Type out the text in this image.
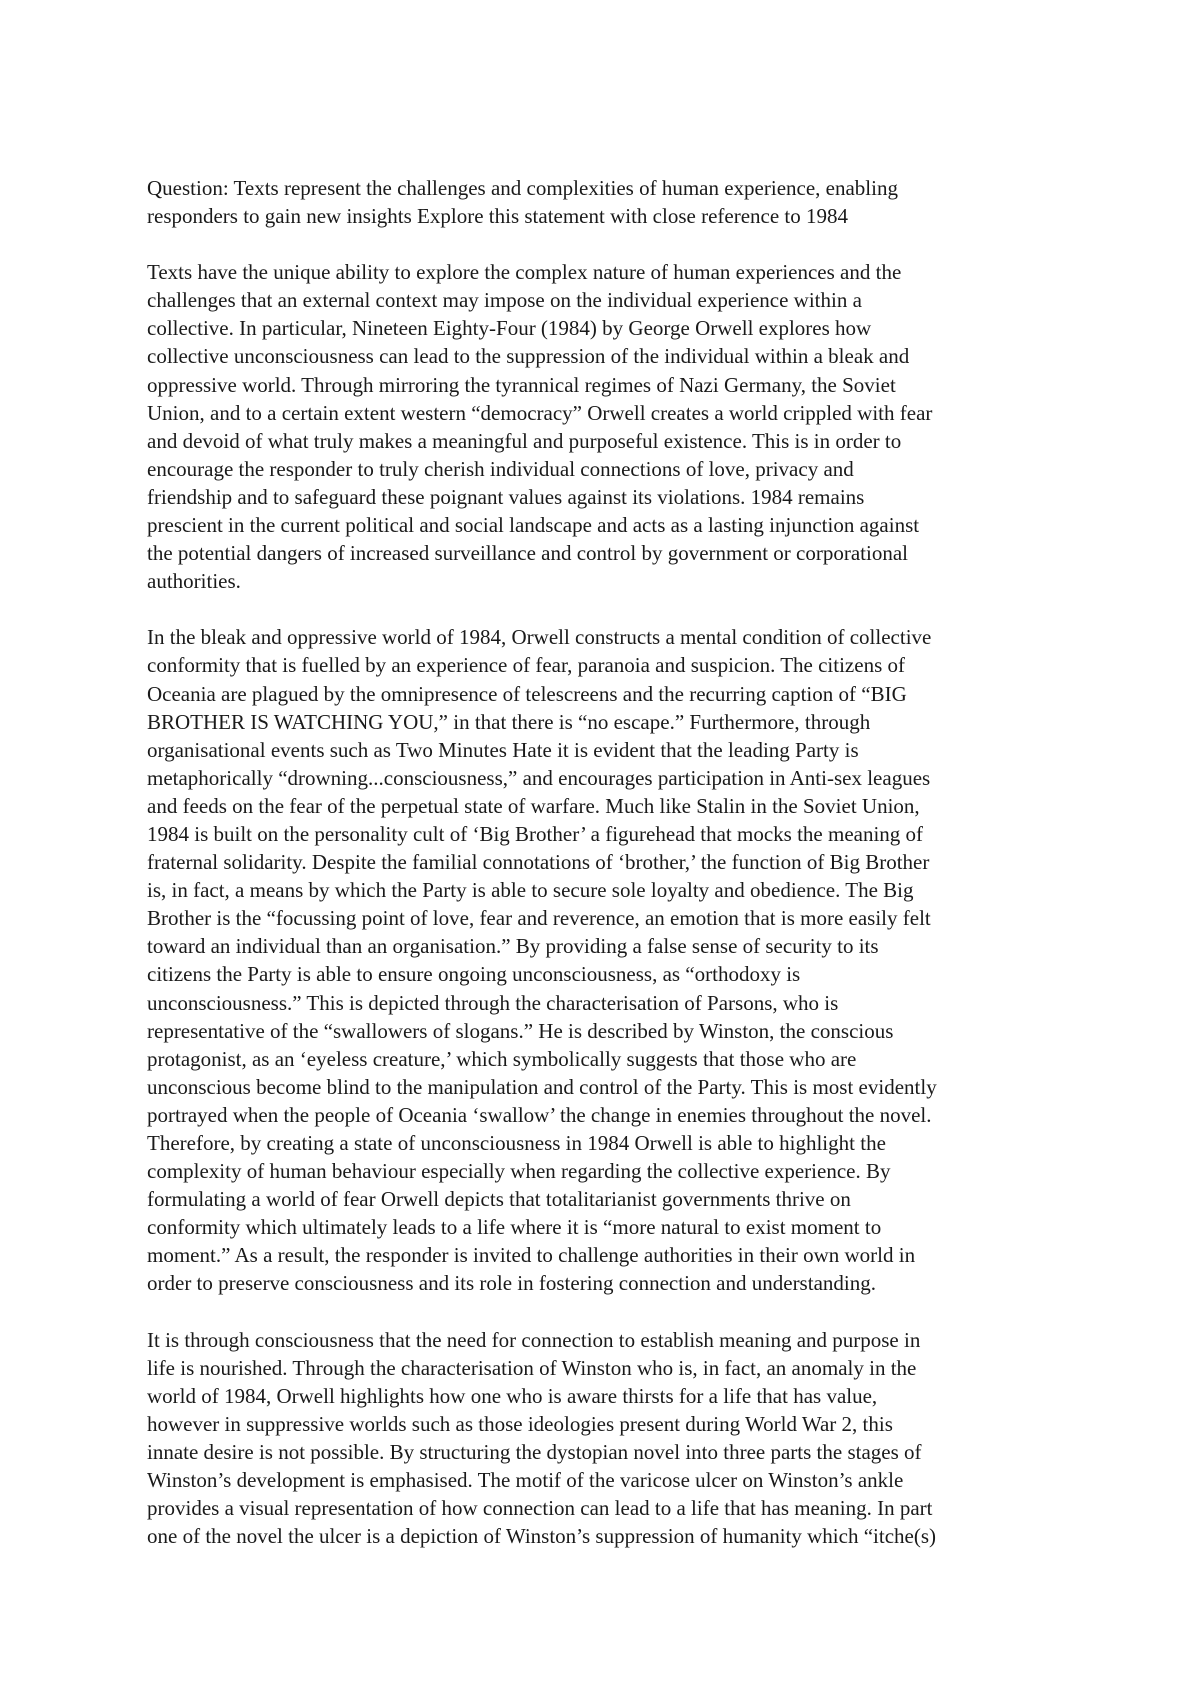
Question: Texts represent the challenges and complexities of human experience, enabling
responders to gain new insights Explore this statement with close reference to 1984

Texts have the unique ability to explore the complex nature of human experiences and the
challenges that an external context may impose on the individual experience within a
collective. In particular, Nineteen Eighty-Four (1984) by George Orwell explores how
collective unconsciousness can lead to the suppression of the individual within a bleak and
oppressive world. Through mirroring the tyrannical regimes of Nazi Germany, the Soviet
Union, and to a certain extent western “democracy” Orwell creates a world crippled with fear
and devoid of what truly makes a meaningful and purposeful existence. This is in order to
encourage the responder to truly cherish individual connections of love, privacy and
friendship and to safeguard these poignant values against its violations. 1984 remains
prescient in the current political and social landscape and acts as a lasting injunction against
the potential dangers of increased surveillance and control by government or corporational
authorities.

In the bleak and oppressive world of 1984, Orwell constructs a mental condition of collective
conformity that is fuelled by an experience of fear, paranoia and suspicion. The citizens of
Oceania are plagued by the omnipresence of telescreens and the recurring caption of “BIG
BROTHER IS WATCHING YOU,” in that there is “no escape.” Furthermore, through
organisational events such as Two Minutes Hate it is evident that the leading Party is
metaphorically “drowning...consciousness,” and encourages participation in Anti-sex leagues
and feeds on the fear of the perpetual state of warfare. Much like Stalin in the Soviet Union,
1984 is built on the personality cult of ‘Big Brother’ a figurehead that mocks the meaning of
fraternal solidarity. Despite the familial connotations of ‘brother,’ the function of Big Brother
is, in fact, a means by which the Party is able to secure sole loyalty and obedience. The Big
Brother is the “focussing point of love, fear and reverence, an emotion that is more easily felt
toward an individual than an organisation.” By providing a false sense of security to its
citizens the Party is able to ensure ongoing unconsciousness, as “orthodoxy is
unconsciousness.” This is depicted through the characterisation of Parsons, who is
representative of the “swallowers of slogans.” He is described by Winston, the conscious
protagonist, as an ‘eyeless creature,’ which symbolically suggests that those who are
unconscious become blind to the manipulation and control of the Party. This is most evidently
portrayed when the people of Oceania ‘swallow’ the change in enemies throughout the novel.
Therefore, by creating a state of unconsciousness in 1984 Orwell is able to highlight the
complexity of human behaviour especially when regarding the collective experience. By
formulating a world of fear Orwell depicts that totalitarianist governments thrive on
conformity which ultimately leads to a life where it is “more natural to exist moment to
moment.” As a result, the responder is invited to challenge authorities in their own world in
order to preserve consciousness and its role in fostering connection and understanding.

It is through consciousness that the need for connection to establish meaning and purpose in
life is nourished. Through the characterisation of Winston who is, in fact, an anomaly in the
world of 1984, Orwell highlights how one who is aware thirsts for a life that has value,
however in suppressive worlds such as those ideologies present during World War 2, this
innate desire is not possible. By structuring the dystopian novel into three parts the stages of
Winston’s development is emphasised. The motif of the varicose ulcer on Winston’s ankle
provides a visual representation of how connection can lead to a life that has meaning. In part
one of the novel the ulcer is a depiction of Winston’s suppression of humanity which “itche(s)
